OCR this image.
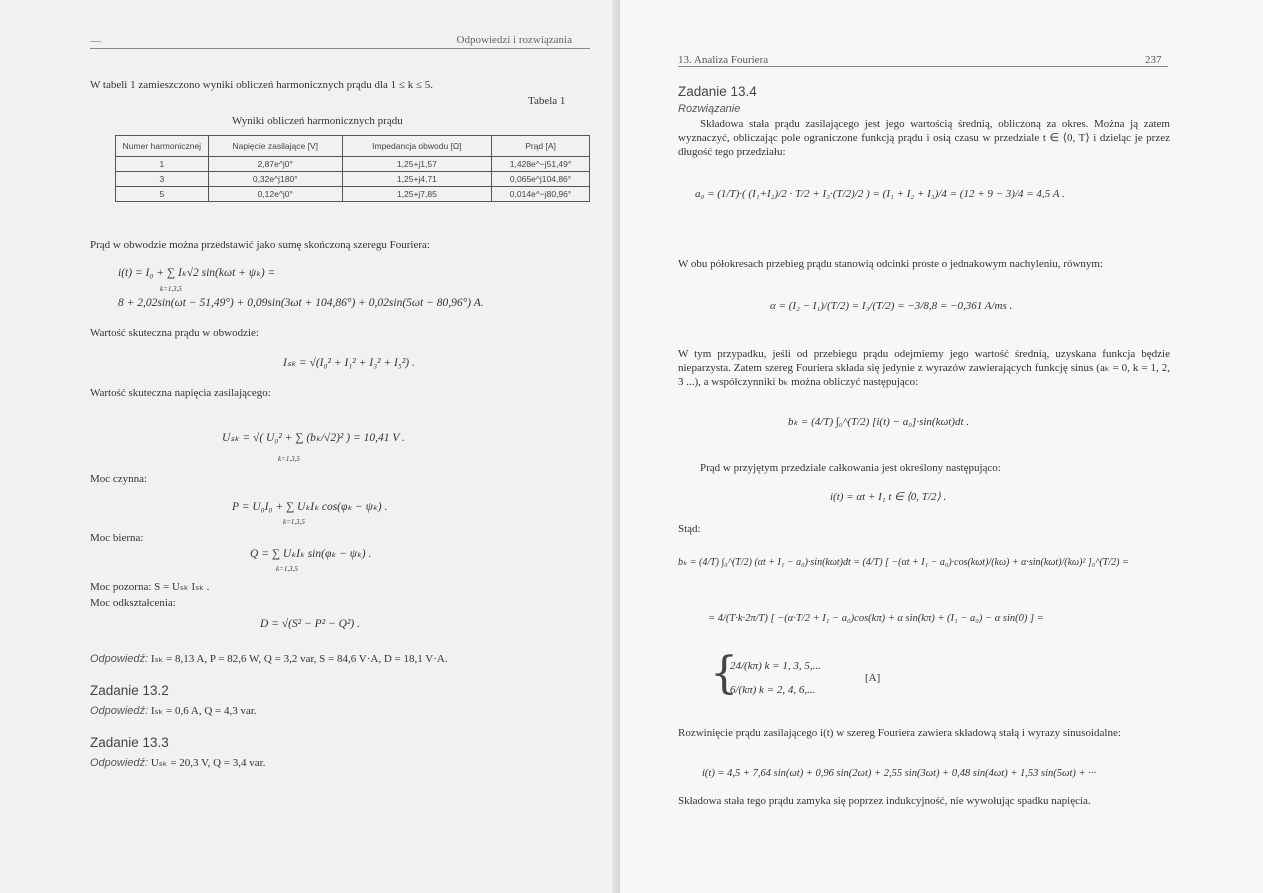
—	Odpowiedzi i rozwiązania
W tabeli 1 zamieszczono wyniki obliczeń harmonicznych prądu dla 1 ≤ k ≤ 5.
Tabela 1
Wyniki obliczeń harmonicznych prądu
Numer harmonicznej	Napięcie zasilające [V]	Impedancja obwodu [Ω]	Prąd [A]
1	2,87e^j0°	1,25+j1,57	1,428e^−j51,49°
3	0,32e^j180°	1,25+j4,71	0,065e^j104,86°
5	0,12e^j0°	1,25+j7,85	0,014e^−j80,96°
Prąd w obwodzie można przedstawić jako sumę skończoną szeregu Fouriera:
i(t) = I₀ + ∑ Iₖ√2 sin(kωt + ψₖ) =
k=1,3,5
8 + 2,02sin(ωt − 51,49°) + 0,09sin(3ωt + 104,86°) + 0,02sin(5ωt − 80,96°) A.
Wartość skuteczna prądu w obwodzie:
Iₛₖ = √(I₀² + I₁² + I₃² + I₅²) .
Wartość skuteczna napięcia zasilającego:
Uₛₖ = √( U₀² + ∑ (bₖ/√2)² ) = 10,41 V .
k=1,3,5
Moc czynna:
P = U₀I₀ + ∑ UₖIₖ cos(φₖ − ψₖ) .
k=1,3,5
Moc bierna:
Q = ∑ UₖIₖ sin(φₖ − ψₖ) .
k=1,3,5
Moc pozorna: S = Uₛₖ Iₛₖ .
Moc odkształcenia:
D = √(S² − P² − Q²) .
Odpowiedź: Iₛₖ = 8,13 A, P = 82,6 W, Q = 3,2 var, S = 84,6 V·A, D = 18,1 V·A.
Zadanie 13.2
Odpowiedź: Iₛₖ = 0,6 A, Q = 4,3 var.
Zadanie 13.3
Odpowiedź: Uₛₖ = 20,3 V, Q = 3,4 var.
13. Analiza Fouriera	237
Zadanie 13.4
Rozwiązanie
Składowa stała prądu zasilającego jest jego wartością średnią, obliczoną za okres. Można ją zatem wyznaczyć, obliczając pole ograniczone funkcją prądu i osią czasu w przedziale t ∈ ⟨0, T⟩ i dzieląc je przez długość tego przedziału:
a₀ = (1/T)·( (I₁+I₂)/2 · T/2 + I₃·(T/2)/2 ) = (I₁ + I₂ + I₃)/4 = (12 + 9 − 3)/4 = 4,5 A .
W obu półokresach przebieg prądu stanowią odcinki proste o jednakowym nachyleniu, równym:
α = (I₂ − I₁)/(T/2) = I₃/(T/2) = −3/8,8 = −0,361 A/ms .
W tym przypadku, jeśli od przebiegu prądu odejmiemy jego wartość średnią, uzyskana funkcja będzie nieparzysta. Zatem szereg Fouriera składa się jedynie z wyrazów zawierających funkcję sinus (aₖ = 0, k = 1, 2, 3 ...), a współczynniki bₖ można obliczyć następująco:
bₖ = (4/T) ∫₀^(T/2) [i(t) − a₀]·sin(kωt)dt .
Prąd w przyjętym przedziale całkowania jest określony następująco:
i(t) = αt + I₁ t ∈ ⟨0, T/2⟩ .
Stąd:
bₖ = (4/T) ∫₀^(T/2) (αt + I₁ − a₀)·sin(kωt)dt = (4/T) [ −(αt + I₁ − a₀)·cos(kωt)/(kω) + α·sin(kωt)/(kω)² ]₀^(T/2) =
= 4/(T·k·2π/T) [ −(α·T/2 + I₁ − a₀)cos(kπ) + α sin(kπ) + (I₁ − a₀) − α sin(0) ] =
{
24/(kπ) k = 1, 3, 5,...
6/(kπ) k = 2, 4, 6,...
[A]
Rozwinięcie prądu zasilającego i(t) w szereg Fouriera zawiera składową stałą i wyrazy sinusoidalne:
i(t) = 4,5 + 7,64 sin(ωt) + 0,96 sin(2ωt) + 2,55 sin(3ωt) + 0,48 sin(4ωt) + 1,53 sin(5ωt) + ···
Składowa stała tego prądu zamyka się poprzez indukcyjność, nie wywołując spadku napięcia.
